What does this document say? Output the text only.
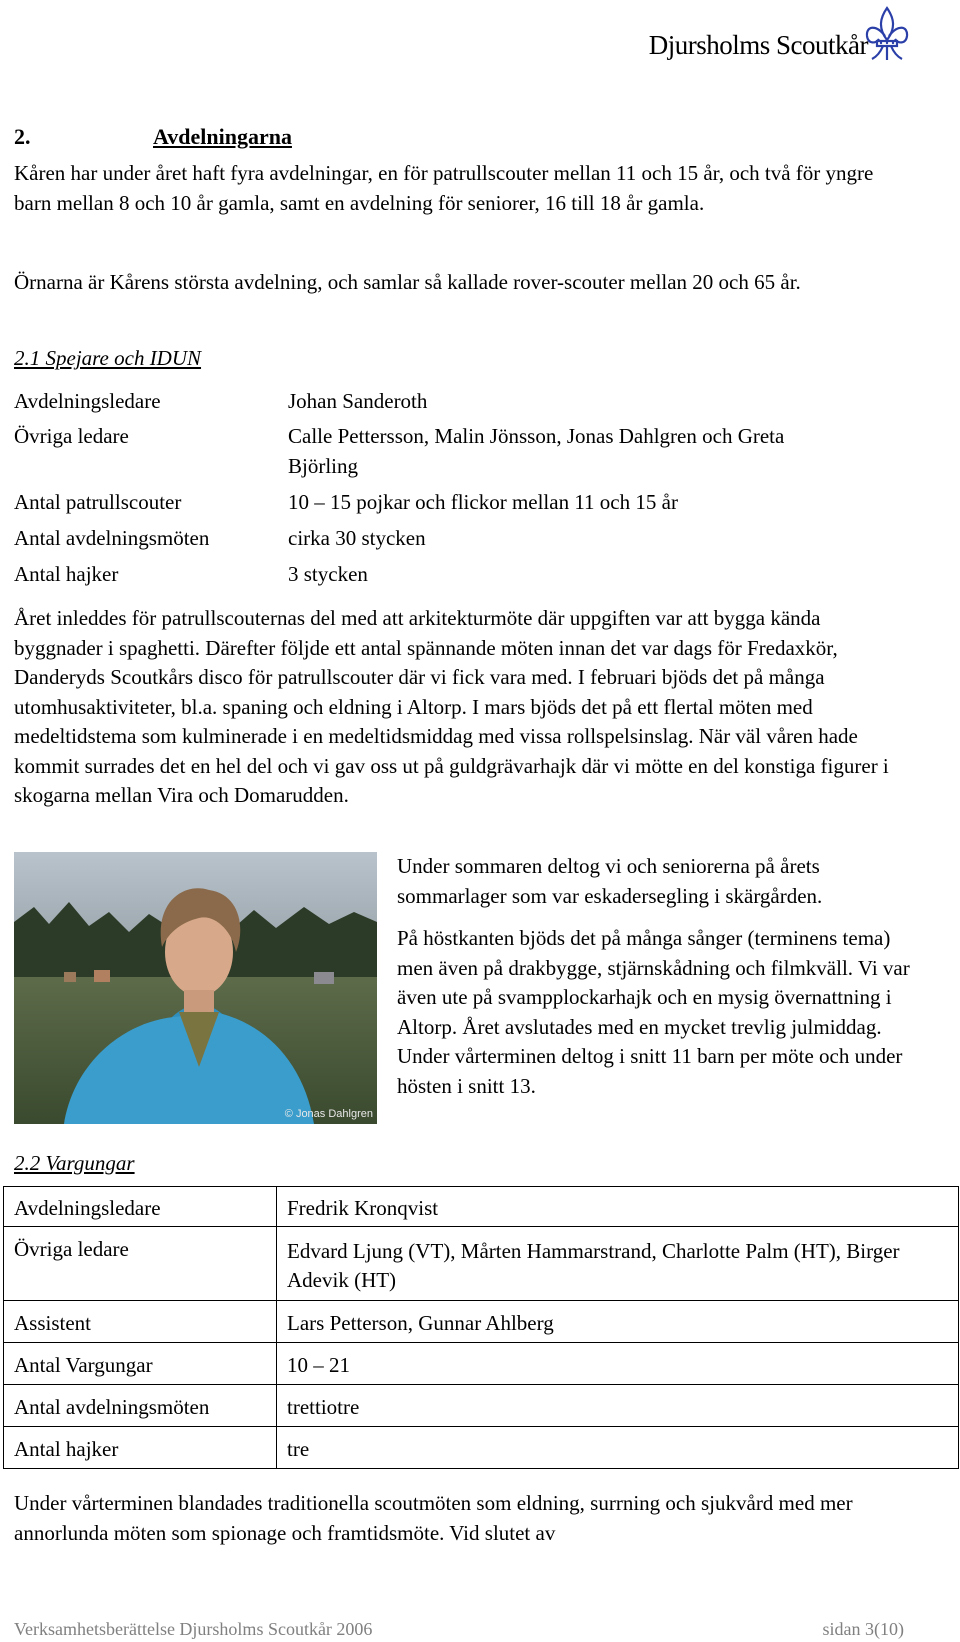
Djursholms Scoutkår
2.	Avdelningarna

Kåren har under året haft fyra avdelningar, en för patrullscouter mellan 11 och 15 år, och två för yngre barn mellan 8 och 10 år gamla, samt en avdelning för seniorer, 16 till 18 år gamla.

Örnarna är Kårens största avdelning, och samlar så kallade rover-scouter mellan 20 och 65 år.

2.1 Spejare och IDUN
Avdelningsledare	Johan Sanderoth
Övriga ledare	Calle Pettersson, Malin Jönsson, Jonas Dahlgren och Greta Björling
Antal patrullscouter	10 – 15 pojkar och flickor mellan 11 och 15 år
Antal avdelningsmöten	cirka 30 stycken
Antal hajker	3 stycken

Året inleddes för patrullscouternas del med att arkitekturmöte där uppgiften var att bygga kända byggnader i spaghetti. Därefter följde ett antal spännande möten innan det var dags för Fredaxkör, Danderyds Scoutkårs disco för patrullscouter där vi fick vara med. I februari bjöds det på många utomhusaktiviteter, bl.a. spaning och eldning i Altorp. I mars bjöds det på ett flertal möten med medeltidstema som kulminerade i en medeltidsmiddag med vissa rollspelsinslag. När väl våren hade kommit surrades det en hel del och vi gav oss ut på guldgrävarhajk där vi mötte en del konstiga figurer i skogarna mellan Vira och Domarudden.

© Jonas Dahlgren

Under sommaren deltog vi och seniorerna på årets sommarlager som var eskadersegling i skärgården.

På höstkanten bjöds det på många sånger (terminens tema) men även på drakbygge, stjärnskådning och filmkväll. Vi var även ute på svampplockarhajk och en mysig övernattning i Altorp. Året avslutades med en mycket trevlig julmiddag. Under vårterminen deltog i snitt 11 barn per möte och under hösten i snitt 13.

2.2 Vargungar
Avdelningsledare	Fredrik Kronqvist
Övriga ledare	Edvard Ljung (VT), Mårten Hammarstrand, Charlotte Palm (HT), Birger Adevik (HT)
Assistent	Lars Petterson, Gunnar Ahlberg
Antal Vargungar	10 – 21
Antal avdelningsmöten	trettiotre
Antal hajker	tre

Under vårterminen blandades traditionella scoutmöten som eldning, surrning och sjukvård med mer annorlunda möten som spionage och framtidsmöte. Vid slutet av

Verksamhetsberättelse Djursholms Scoutkår 2006	sidan 3(10)
